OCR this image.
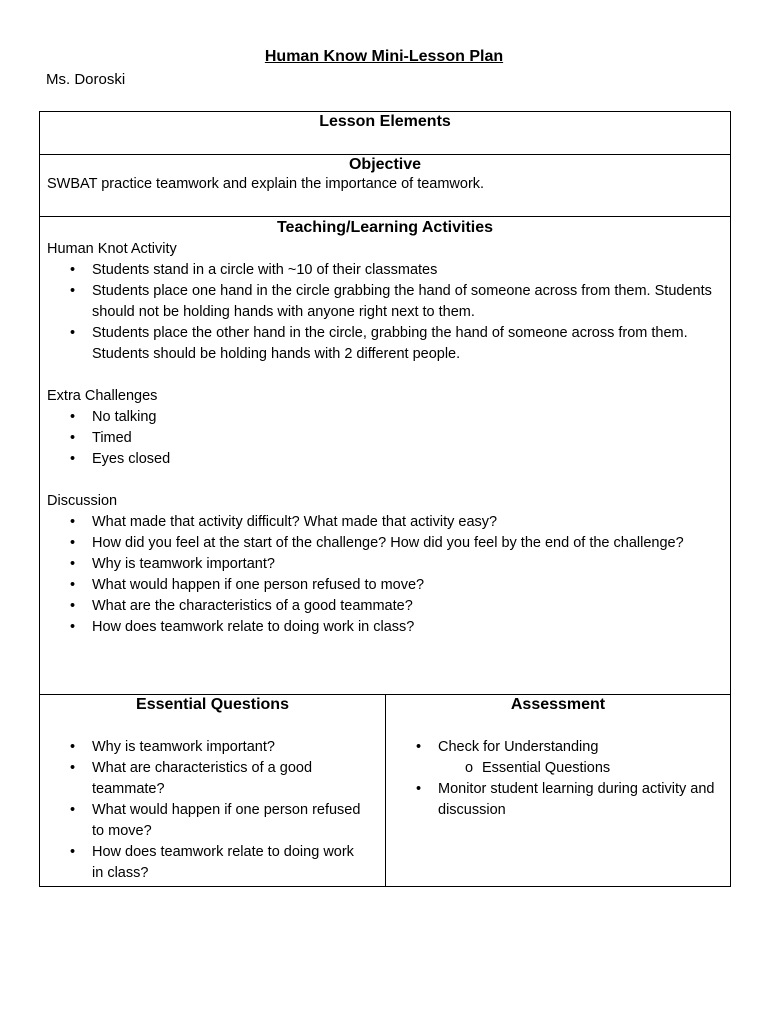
Human Know Mini-Lesson Plan
Ms. Doroski
Lesson Elements
Objective
SWBAT practice teamwork and explain the importance of teamwork.
Teaching/Learning Activities
Human Knot Activity
• Students stand in a circle with ~10 of their classmates
• Students place one hand in the circle grabbing the hand of someone across from them. Students should not be holding hands with anyone right next to them.
• Students place the other hand in the circle, grabbing the hand of someone across from them. Students should be holding hands with 2 different people.
Extra Challenges
• No talking
• Timed
• Eyes closed
Discussion
• What made that activity difficult? What made that activity easy?
• How did you feel at the start of the challenge? How did you feel by the end of the challenge?
• Why is teamwork important?
• What would happen if one person refused to move?
• What are the characteristics of a good teammate?
• How does teamwork relate to doing work in class?
Essential Questions
• Why is teamwork important?
• What are characteristics of a good teammate?
• What would happen if one person refused to move?
• How does teamwork relate to doing work in class?
Assessment
• Check for Understanding
o Essential Questions
• Monitor student learning during activity and discussion
